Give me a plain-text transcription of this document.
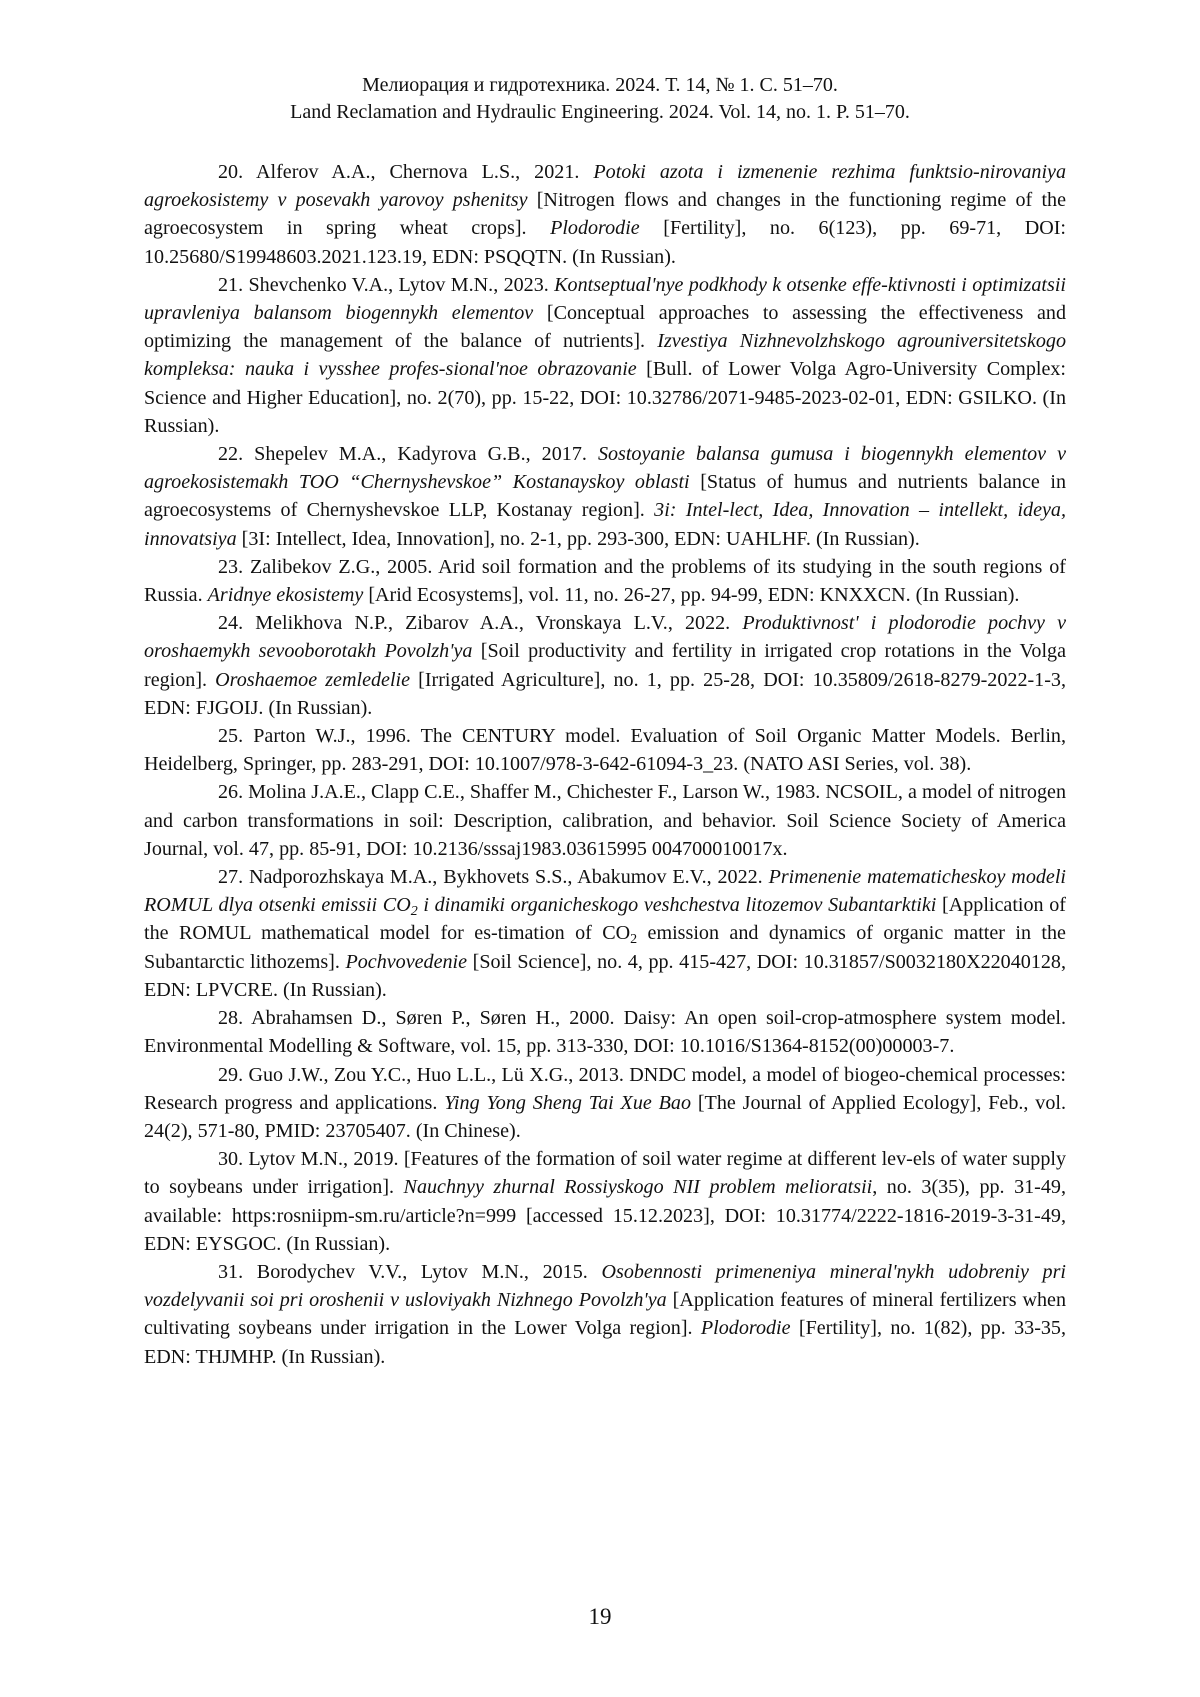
Мелиорация и гидротехника. 2024. Т. 14, № 1. С. 51–70.
Land Reclamation and Hydraulic Engineering. 2024. Vol. 14, no. 1. P. 51–70.

20. Alferov A.A., Chernova L.S., 2021. Potoki azota i izmenenie rezhima funktsio-nirovaniya agroekosistemy v posevakh yarovoy pshenitsy [Nitrogen flows and changes in the functioning regime of the agroecosystem in spring wheat crops]. Plodorodie [Fertility], no. 6(123), pp. 69-71, DOI: 10.25680/S19948603.2021.123.19, EDN: PSQQTN. (In Russian).

21. Shevchenko V.A., Lytov M.N., 2023. Kontseptual'nye podkhody k otsenke effe-ktivnosti i optimizatsii upravleniya balansom biogennykh elementov [Conceptual approaches to assessing the effectiveness and optimizing the management of the balance of nutrients]. Izvestiya Nizhnevolzhskogo agrouniversitetskogo kompleksa: nauka i vysshee profes-sional'noe obrazovanie [Bull. of Lower Volga Agro-University Complex: Science and Higher Education], no. 2(70), pp. 15-22, DOI: 10.32786/2071-9485-2023-02-01, EDN: GSILKO. (In Russian).

22. Shepelev M.A., Kadyrova G.B., 2017. Sostoyanie balansa gumusa i biogennykh elementov v agroekosistemakh TOO “Chernyshevskoe” Kostanayskoy oblasti [Status of humus and nutrients balance in agroecosystems of Chernyshevskoe LLP, Kostanay region]. 3i: Intel-lect, Idea, Innovation – intellekt, ideya, innovatsiya [3I: Intellect, Idea, Innovation], no. 2-1, pp. 293-300, EDN: UAHLHF. (In Russian).

23. Zalibekov Z.G., 2005. Arid soil formation and the problems of its studying in the south regions of Russia. Aridnye ekosistemy [Arid Ecosystems], vol. 11, no. 26-27, pp. 94-99, EDN: KNXXCN. (In Russian).

24. Melikhova N.P., Zibarov A.A., Vronskaya L.V., 2022. Produktivnost' i plodorodie pochvy v oroshaemykh sevooborotakh Povolzh'ya [Soil productivity and fertility in irrigated crop rotations in the Volga region]. Oroshaemoe zemledelie [Irrigated Agriculture], no. 1, pp. 25-28, DOI: 10.35809/2618-8279-2022-1-3, EDN: FJGOIJ. (In Russian).

25. Parton W.J., 1996. The CENTURY model. Evaluation of Soil Organic Matter Models. Berlin, Heidelberg, Springer, pp. 283-291, DOI: 10.1007/978-3-642-61094-3_23. (NATO ASI Series, vol. 38).

26. Molina J.A.E., Clapp C.E., Shaffer M., Chichester F., Larson W., 1983. NCSOIL, a model of nitrogen and carbon transformations in soil: Description, calibration, and behavior. Soil Science Society of America Journal, vol. 47, pp. 85-91, DOI: 10.2136/sssaj1983.03615995 004700010017x.

27. Nadporozhskaya M.A., Bykhovets S.S., Abakumov E.V., 2022. Primenenie matematicheskoy modeli ROMUL dlya otsenki emissii $CO_2$ i dinamiki organicheskogo veshchestva litozemov Subantarktiki [Application of the ROMUL mathematical model for es-timation of $CO_2$ emission and dynamics of organic matter in the Subantarctic lithozems]. Pochvovedenie [Soil Science], no. 4, pp. 415-427, DOI: 10.31857/S0032180X22040128, EDN: LPVCRE. (In Russian).

28. Abrahamsen D., Søren P., Søren H., 2000. Daisy: An open soil-crop-atmosphere system model. Environmental Modelling & Software, vol. 15, pp. 313-330, DOI: 10.1016/S1364-8152(00)00003-7.

29. Guo J.W., Zou Y.C., Huo L.L., Lü X.G., 2013. DNDC model, a model of biogeo-chemical processes: Research progress and applications. Ying Yong Sheng Tai Xue Bao [The Journal of Applied Ecology], Feb., vol. 24(2), 571-80, PMID: 23705407. (In Chinese).

30. Lytov M.N., 2019. [Features of the formation of soil water regime at different lev-els of water supply to soybeans under irrigation]. Nauchnyy zhurnal Rossiyskogo NII problem melioratsii, no. 3(35), pp. 31-49, available: https:rosniipm-sm.ru/article?n=999 [accessed 15.12.2023], DOI: 10.31774/2222-1816-2019-3-31-49, EDN: EYSGOC. (In Russian).

31. Borodychev V.V., Lytov M.N., 2015. Osobennosti primeneniya mineral'nykh udobreniy pri vozdelyvanii soi pri oroshenii v usloviyakh Nizhnego Povolzh'ya [Application features of mineral fertilizers when cultivating soybeans under irrigation in the Lower Volga region]. Plodorodie [Fertility], no. 1(82), pp. 33-35, EDN: THJMHP. (In Russian).

19
